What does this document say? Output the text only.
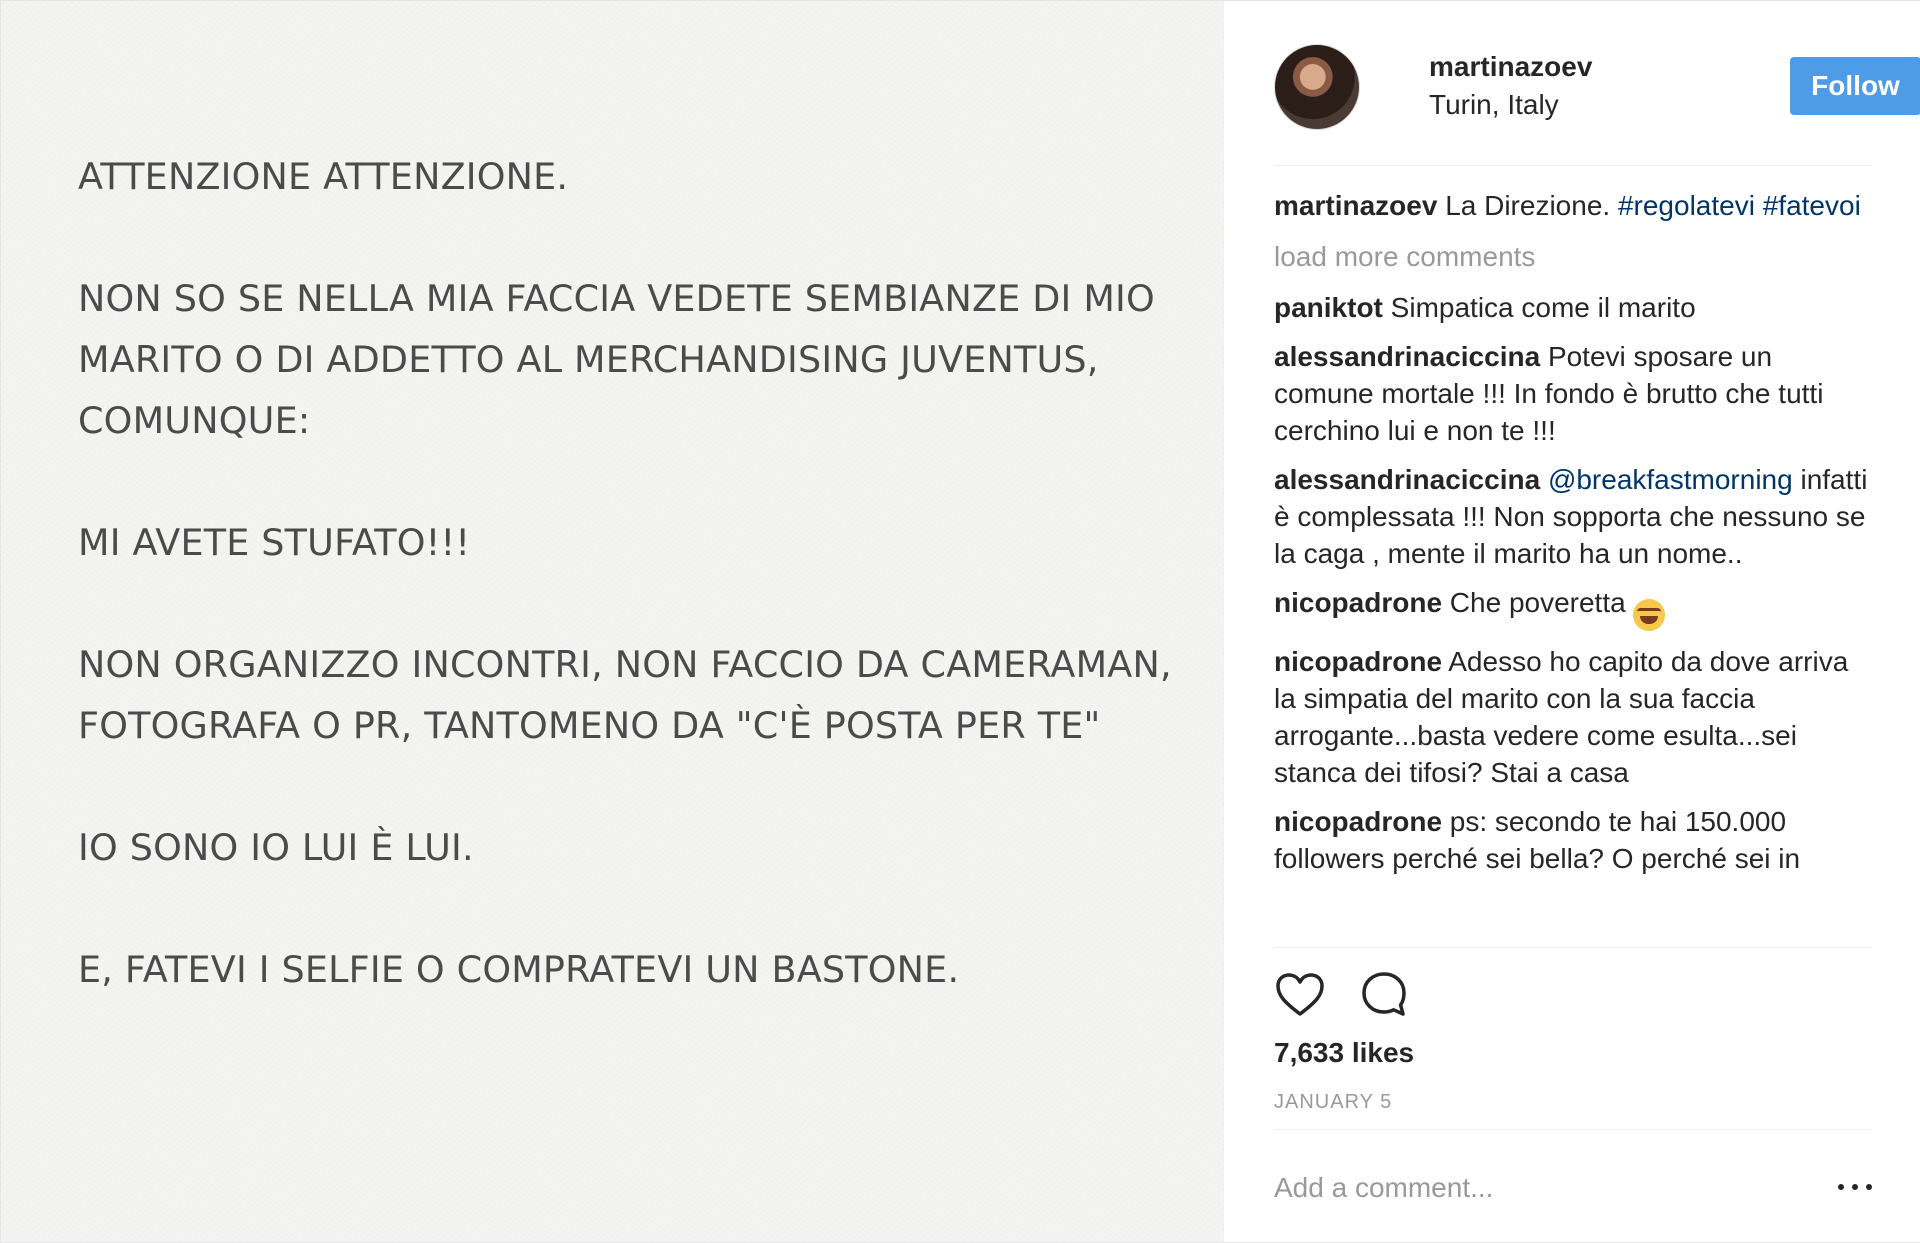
ATTENZIONE ATTENZIONE.

NON SO SE NELLA MIA FACCIA VEDETE SEMBIANZE DI MIO MARITO O DI ADDETTO AL MERCHANDISING JUVENTUS, COMUNQUE:

MI AVETE STUFATO!!!

NON ORGANIZZO INCONTRI, NON FACCIO DA CAMERAMAN, FOTOGRAFA O PR, TANTOMENO DA "C'È POSTA PER TE"

IO SONO IO LUI È LUI.

E, FATEVI I SELFIE O COMPRATEVI UN BASTONE.

martinazoev
Turin, Italy
Follow
martinazoev La Direzione. #regolatevi #fatevoi
load more comments
paniktot Simpatica come il marito
alessandrinaciccina Potevi sposare un comune mortale !!! In fondo è brutto che tutti cerchino lui e non te !!!
alessandrinaciccina @breakfastmorning infatti è complessata !!! Non sopporta che nessuno se la caga , mente il marito ha un nome..
nicopadrone Che poveretta
nicopadrone Adesso ho capito da dove arriva la simpatia del marito con la sua faccia arrogante...basta vedere come esulta...sei stanca dei tifosi? Stai a casa
nicopadrone ps: secondo te hai 150.000 followers perché sei bella? O perché sei in
7,633 likes
JANUARY 5
Add a comment...
